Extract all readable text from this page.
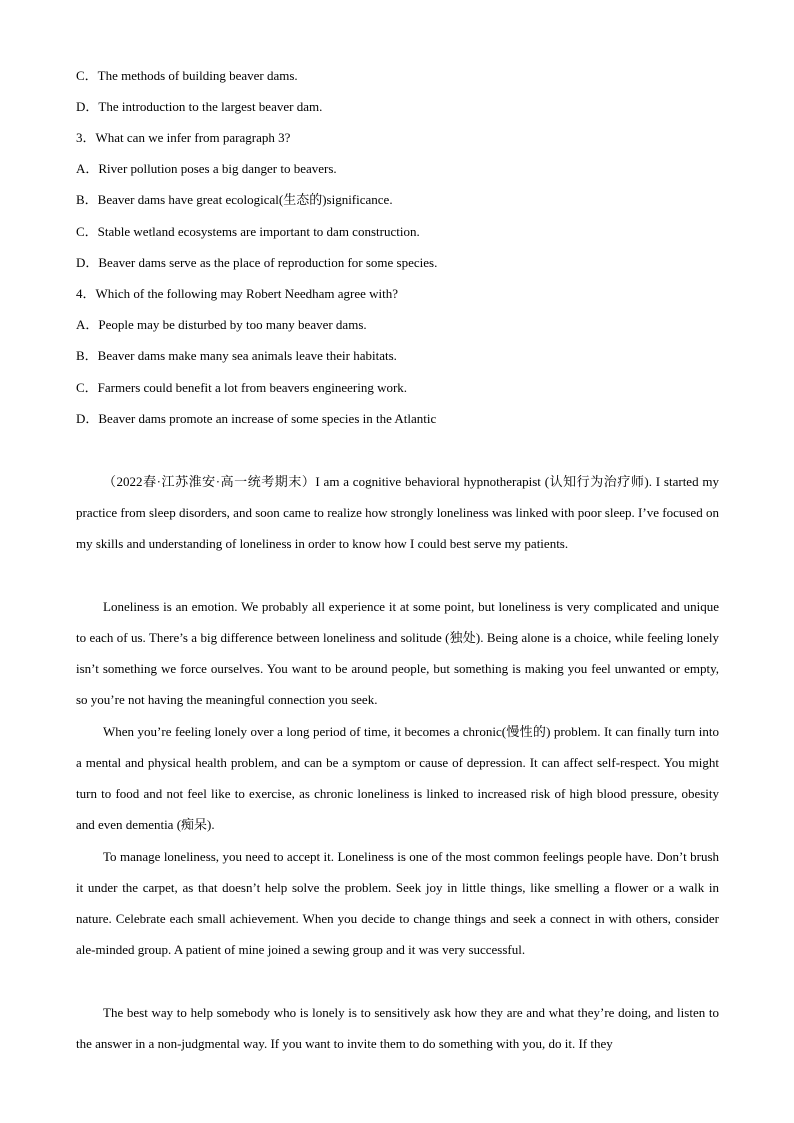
C．The methods of building beaver dams.
D．The introduction to the largest beaver dam.
3．What can we infer from paragraph 3?
A．River pollution poses a big danger to beavers.
B．Beaver dams have great ecological(生态的)significance.
C．Stable wetland ecosystems are important to dam construction.
D．Beaver dams serve as the place of reproduction for some species.
4．Which of the following may Robert Needham agree with?
A．People may be disturbed by too many beaver dams.
B．Beaver dams make many sea animals leave their habitats.
C．Farmers could benefit a lot from beavers engineering work.
D．Beaver dams promote an increase of some species in the Atlantic

（2022春·江苏淮安·高一统考期末）I am a cognitive behavioral hypnotherapist (认知行为治疗师). I started my practice from sleep disorders, and soon came to realize how strongly loneliness was linked with poor sleep. I’ve focused on my skills and understanding of loneliness in order to know how I could best serve my patients.

Loneliness is an emotion. We probably all experience it at some point, but loneliness is very complicated and unique to each of us. There’s a big difference between loneliness and solitude (独处). Being alone is a choice, while feeling lonely isn’t something we force ourselves. You want to be around people, but something is making you feel unwanted or empty, so you’re not having the meaningful connection you seek.

When you’re feeling lonely over a long period of time, it becomes a chronic(慢性的) problem. It can finally turn into a mental and physical health problem, and can be a symptom or cause of depression. It can affect self-respect. You might turn to food and not feel like to exercise, as chronic loneliness is linked to increased risk of high blood pressure, obesity and even dementia (痴呆).

To manage loneliness, you need to accept it. Loneliness is one of the most common feelings people have. Don’t brush it under the carpet, as that doesn’t help solve the problem. Seek joy in little things, like smelling a flower or a walk in nature. Celebrate each small achievement. When you decide to change things and seek a connect in with others, consider ale-minded group. A patient of mine joined a sewing group and it was very successful.

The best way to help somebody who is lonely is to sensitively ask how they are and what they’re doing, and listen to the answer in a non-judgmental way. If you want to invite them to do something with you, do it. If they
